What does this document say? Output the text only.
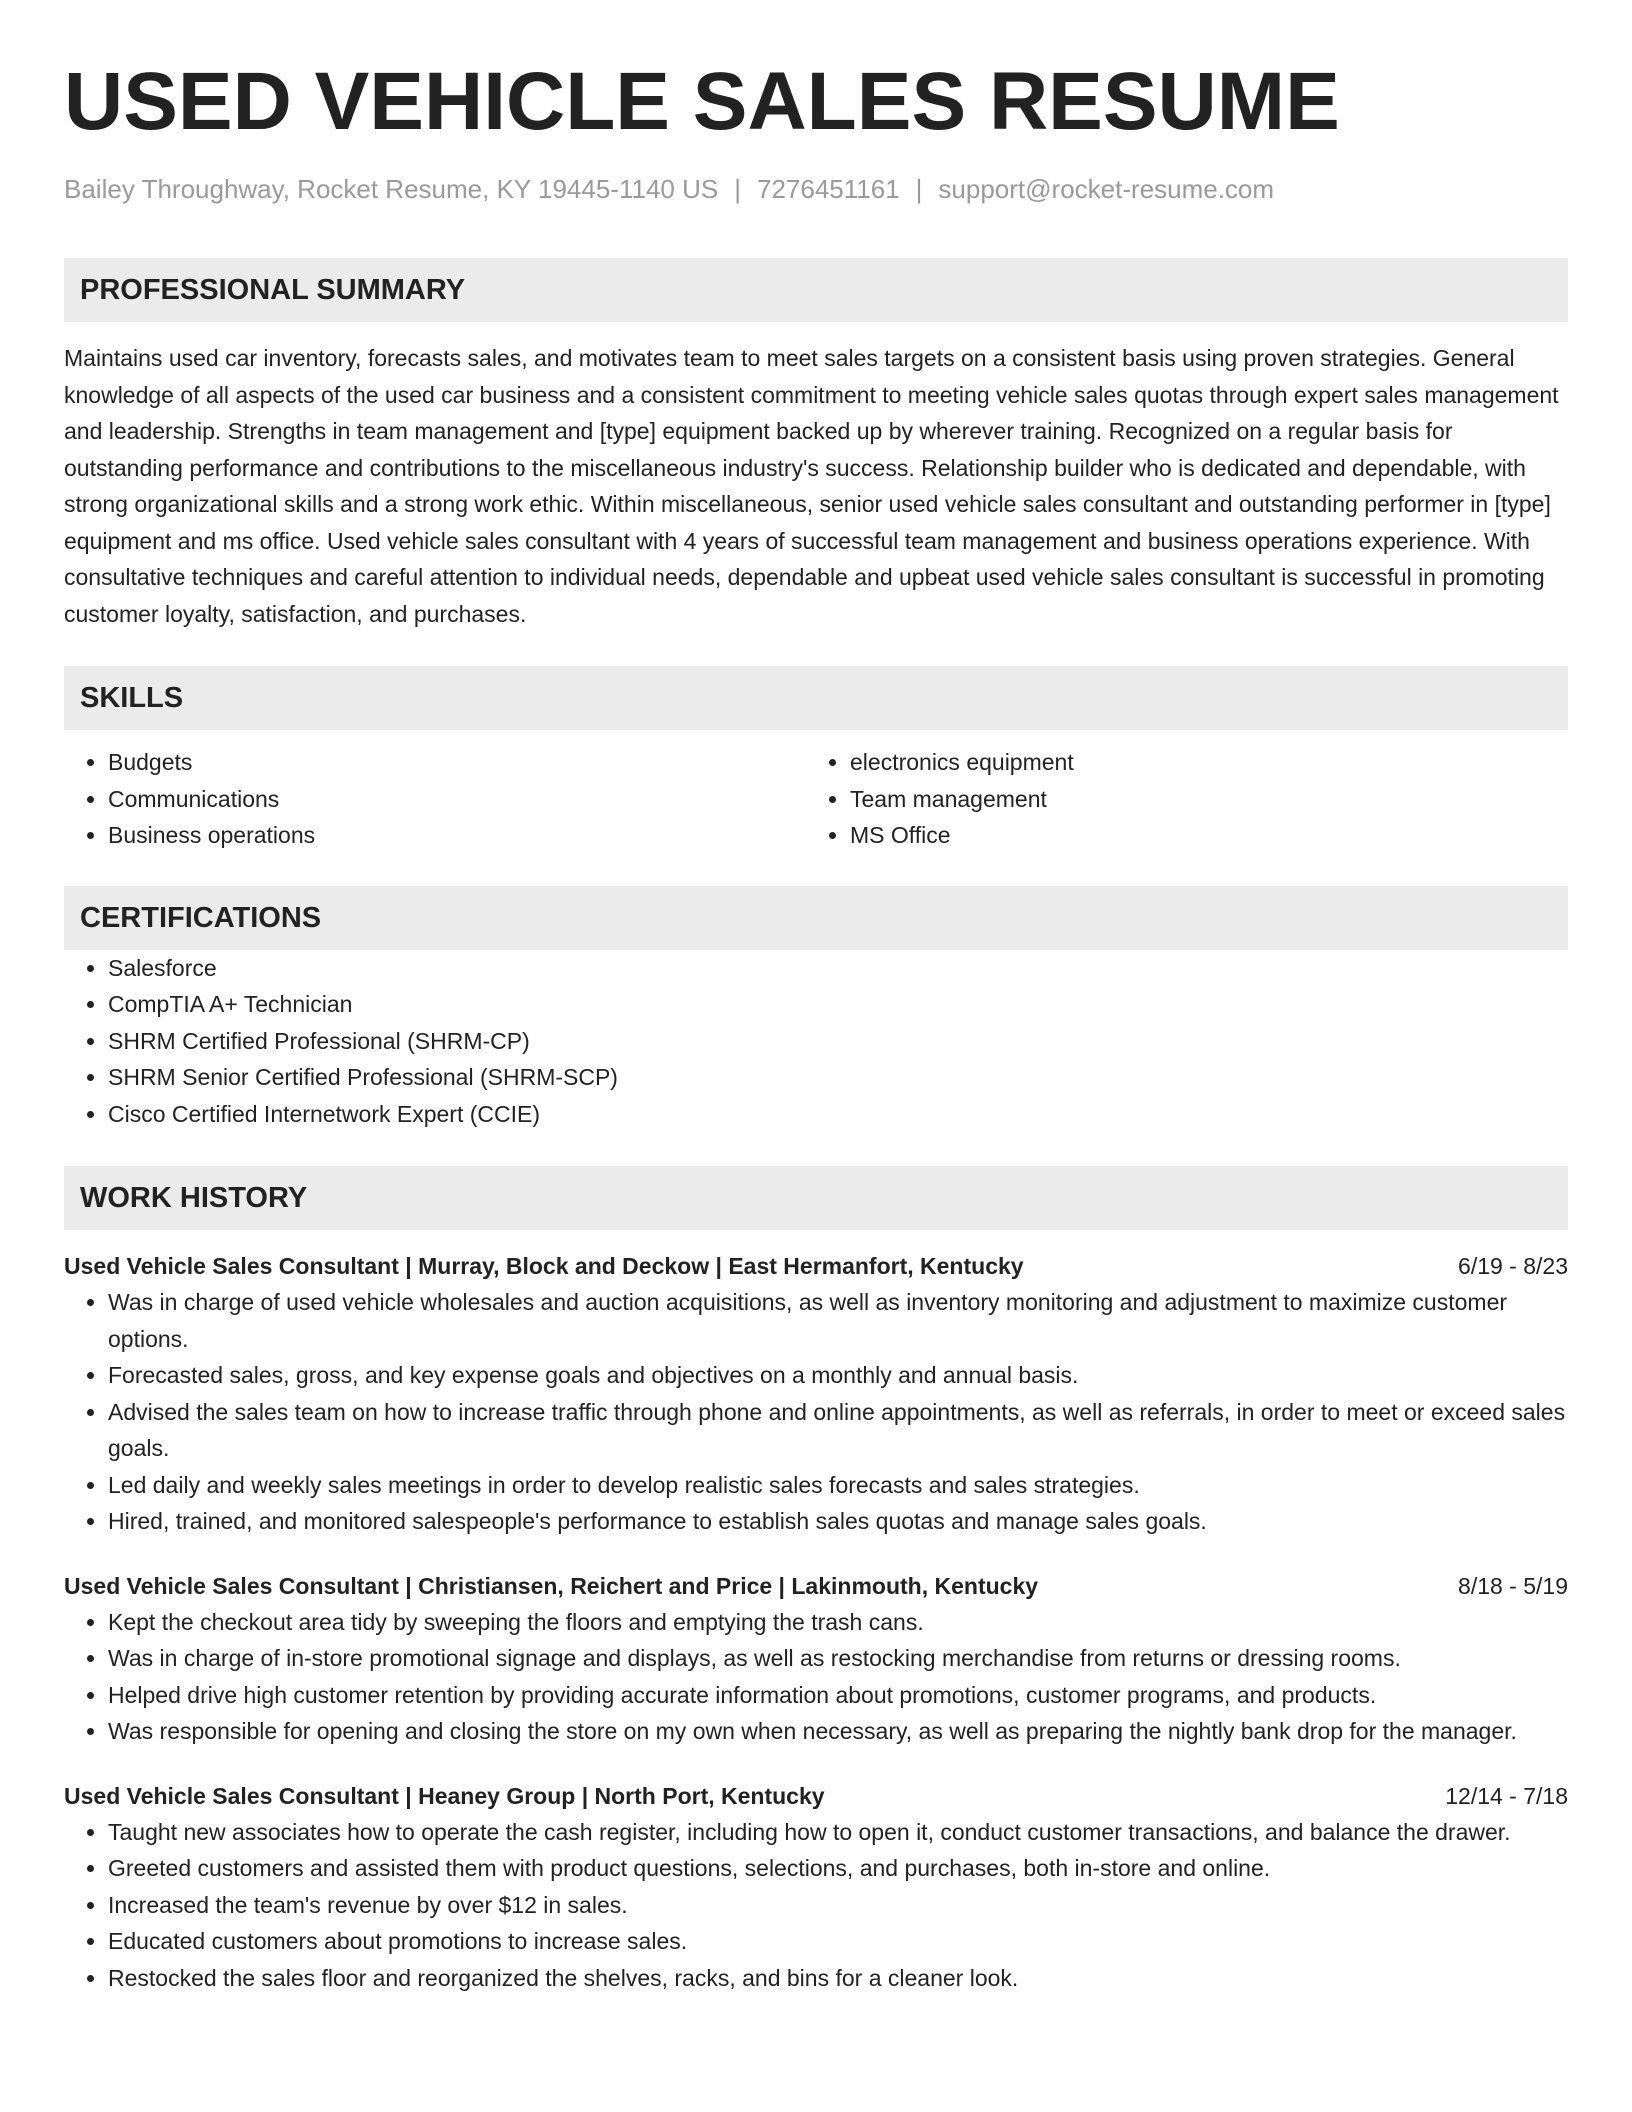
USED VEHICLE SALES RESUME
Bailey Throughway, Rocket Resume, KY 19445-1140 US | 7276451161 | support@rocket-resume.com
PROFESSIONAL SUMMARY

Maintains used car inventory, forecasts sales, and motivates team to meet sales targets on a consistent basis using proven strategies. General knowledge of all aspects of the used car business and a consistent commitment to meeting vehicle sales quotas through expert sales management and leadership. Strengths in team management and [type] equipment backed up by wherever training. Recognized on a regular basis for outstanding performance and contributions to the miscellaneous industry's success. Relationship builder who is dedicated and dependable, with strong organizational skills and a strong work ethic. Within miscellaneous, senior used vehicle sales consultant and outstanding performer in [type] equipment and ms office. Used vehicle sales consultant with 4 years of successful team management and business operations experience. With consultative techniques and careful attention to individual needs, dependable and upbeat used vehicle sales consultant is successful in promoting customer loyalty, satisfaction, and purchases.

SKILLS
• Budgets
• Communications
• Business operations
• electronics equipment
• Team management
• MS Office
CERTIFICATIONS
• Salesforce
• CompTIA A+ Technician
• SHRM Certified Professional (SHRM-CP)
• SHRM Senior Certified Professional (SHRM-SCP)
• Cisco Certified Internetwork Expert (CCIE)
WORK HISTORY
Used Vehicle Sales Consultant | Murray, Block and Deckow | East Hermanfort, Kentucky	6/19 - 8/23
• Was in charge of used vehicle wholesales and auction acquisitions, as well as inventory monitoring and adjustment to maximize customer options.
• Forecasted sales, gross, and key expense goals and objectives on a monthly and annual basis.
• Advised the sales team on how to increase traffic through phone and online appointments, as well as referrals, in order to meet or exceed sales goals.
• Led daily and weekly sales meetings in order to develop realistic sales forecasts and sales strategies.
• Hired, trained, and monitored salespeople's performance to establish sales quotas and manage sales goals.
Used Vehicle Sales Consultant | Christiansen, Reichert and Price | Lakinmouth, Kentucky	8/18 - 5/19
• Kept the checkout area tidy by sweeping the floors and emptying the trash cans.
• Was in charge of in-store promotional signage and displays, as well as restocking merchandise from returns or dressing rooms.
• Helped drive high customer retention by providing accurate information about promotions, customer programs, and products.
• Was responsible for opening and closing the store on my own when necessary, as well as preparing the nightly bank drop for the manager.
Used Vehicle Sales Consultant | Heaney Group | North Port, Kentucky	12/14 - 7/18
• Taught new associates how to operate the cash register, including how to open it, conduct customer transactions, and balance the drawer.
• Greeted customers and assisted them with product questions, selections, and purchases, both in-store and online.
• Increased the team's revenue by over $12 in sales.
• Educated customers about promotions to increase sales.
• Restocked the sales floor and reorganized the shelves, racks, and bins for a cleaner look.
